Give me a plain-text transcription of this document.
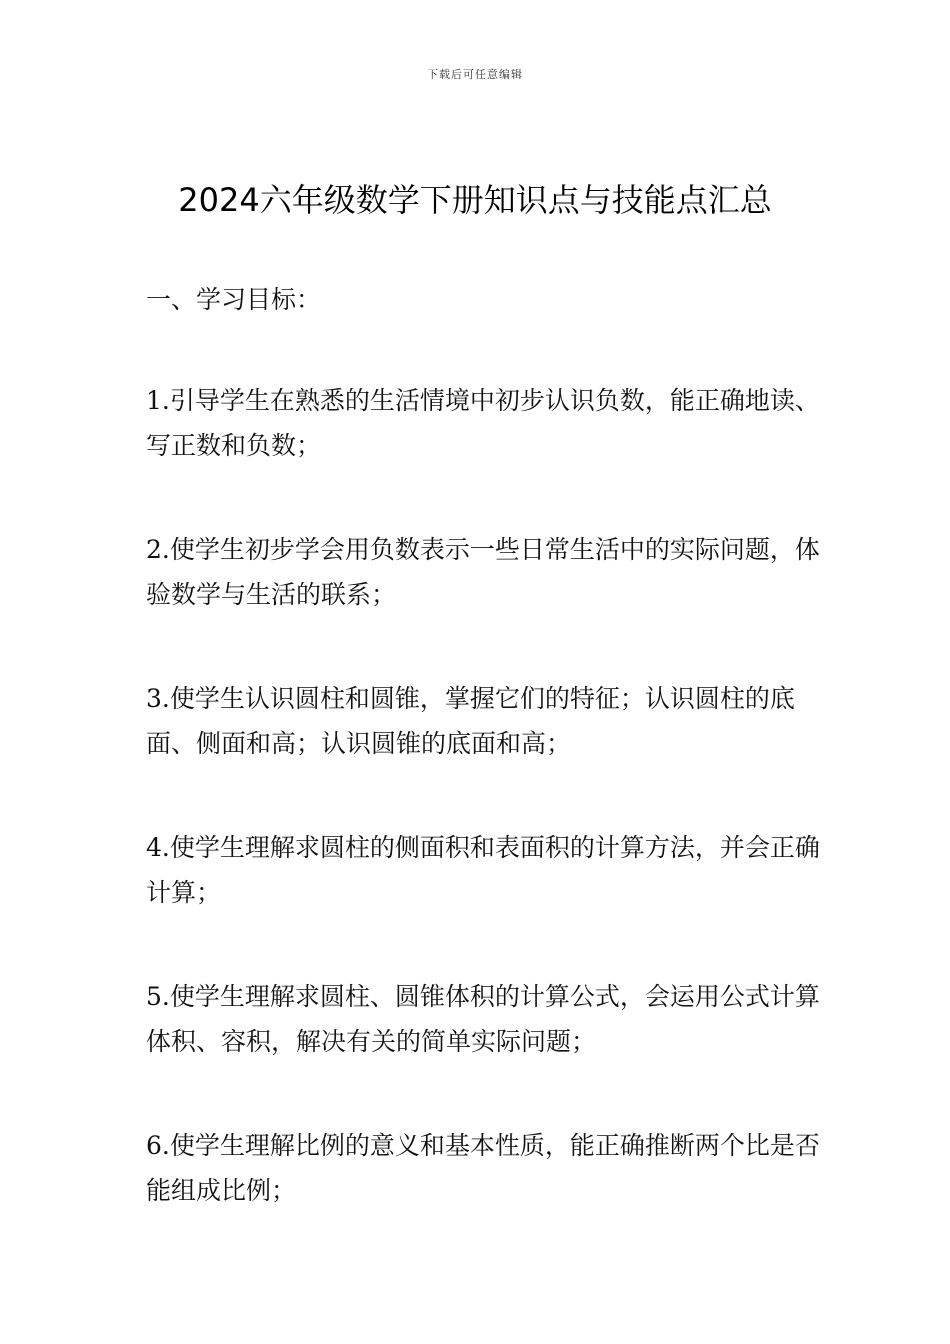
下载后可任意编辑
2024六年级数学下册知识点与技能点汇总
一、学习目标：
1.引导学生在熟悉的生活情境中初步认识负数，能正确地读、写正数和负数；
2.使学生初步学会用负数表示一些日常生活中的实际问题，体验数学与生活的联系；
3.使学生认识圆柱和圆锥，掌握它们的特征；认识圆柱的底面、侧面和高；认识圆锥的底面和高；
4.使学生理解求圆柱的侧面积和表面积的计算方法，并会正确计算；
5.使学生理解求圆柱、圆锥体积的计算公式，会运用公式计算体积、容积，解决有关的简单实际问题；
6.使学生理解比例的意义和基本性质，能正确推断两个比是否能组成比例；
